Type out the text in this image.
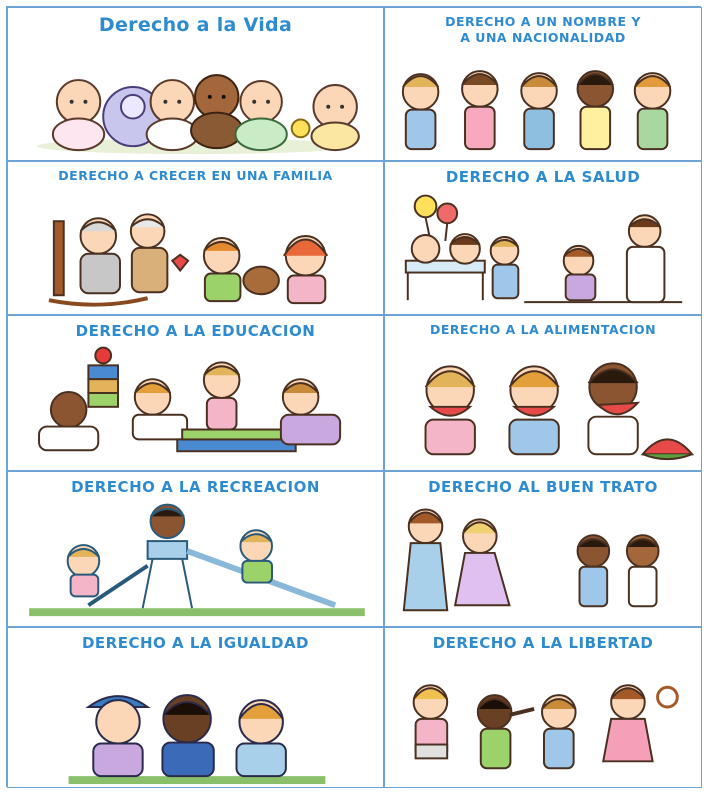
Derecho a la Vida	DERECHO A UN NOMBRE Y
A UNA NACIONALIDAD
DERECHO A CRECER EN UNA FAMILIA	DERECHO A LA SALUD
DERECHO A LA EDUCACION	DERECHO A LA ALIMENTACION
DERECHO A LA RECREACION	DERECHO AL BUEN TRATO
DERECHO A LA IGUALDAD	DERECHO A LA LIBERTAD
